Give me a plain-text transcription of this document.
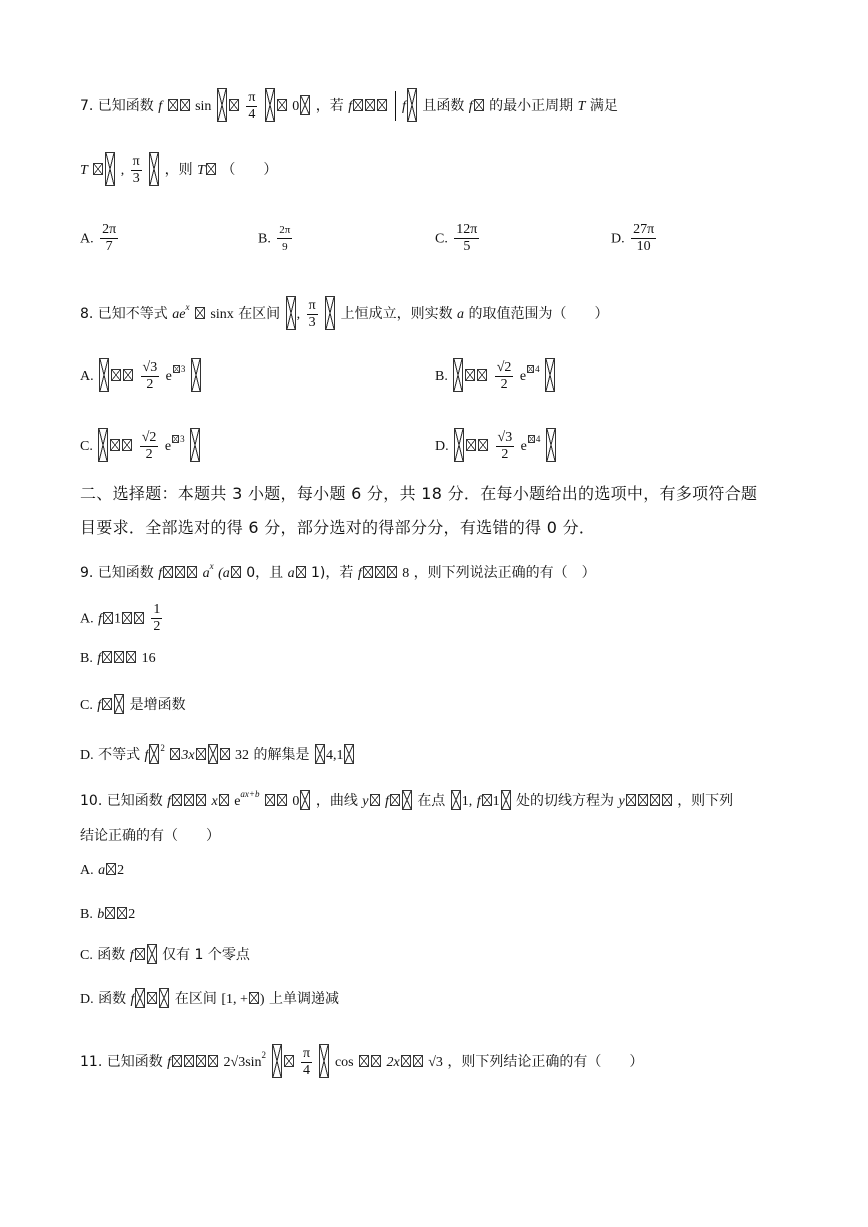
7. 已知函数 f $\sin \frac{\pi}{4} 0$ ，若 f	f 且函数 f 的最小正周期 T 满足
T , $\frac{\pi}{3}$ ，则 T （　　）
A. $\frac{2\pi}{7}$	B. $\frac{2\pi}{9}$	C. $\frac{12\pi}{5}$	D. $\frac{27\pi}{10}$
8. 已知不等式 $ae^x$ sinx 在区间 , $\frac{\pi}{3}$ 上恒成立，则实数 a 的取值范围为（　　）
A.	$\frac{√3}{2}$ e $^3$	B.	$\frac{√2}{2}$ e $^4$
C.	$\frac{√2}{2}$ e $^3$	D.	$\frac{√3}{2}$ e $^4$
二、选择题：本题共 3 小题，每小题 6 分，共 18 分．在每小题给出的选项中，有多项符合题
目要求．全部选对的得 6 分，部分选对的得部分分，有选错的得 0 分．
9. 已知函数 f	$a^x$ (a 0，且 a 1)，若 f	8 ，则下列说法正确的有（　）
A. f $1 \frac{1}{2}$
B. f	16
C. f 是增函数
D. 不等式 f $^2$ 3x	32 的解集是 4,1
10. 已知函数 f	x $e^{ax+b}$ 0 ，曲线 y f 在点 1, f 1 处的切线方程为 y	，则下列
结论正确的有（　　）
A. a 2
B. b 2
C. 函数 f 仅有 1 个零点
D. 函数 f	在区间 [1, + ) 上单调递减
11. 已知函数 f	$2√3\sin^2 \frac{\pi}{4}$ cos 2x √3 ，则下列结论正确的有（　　）
